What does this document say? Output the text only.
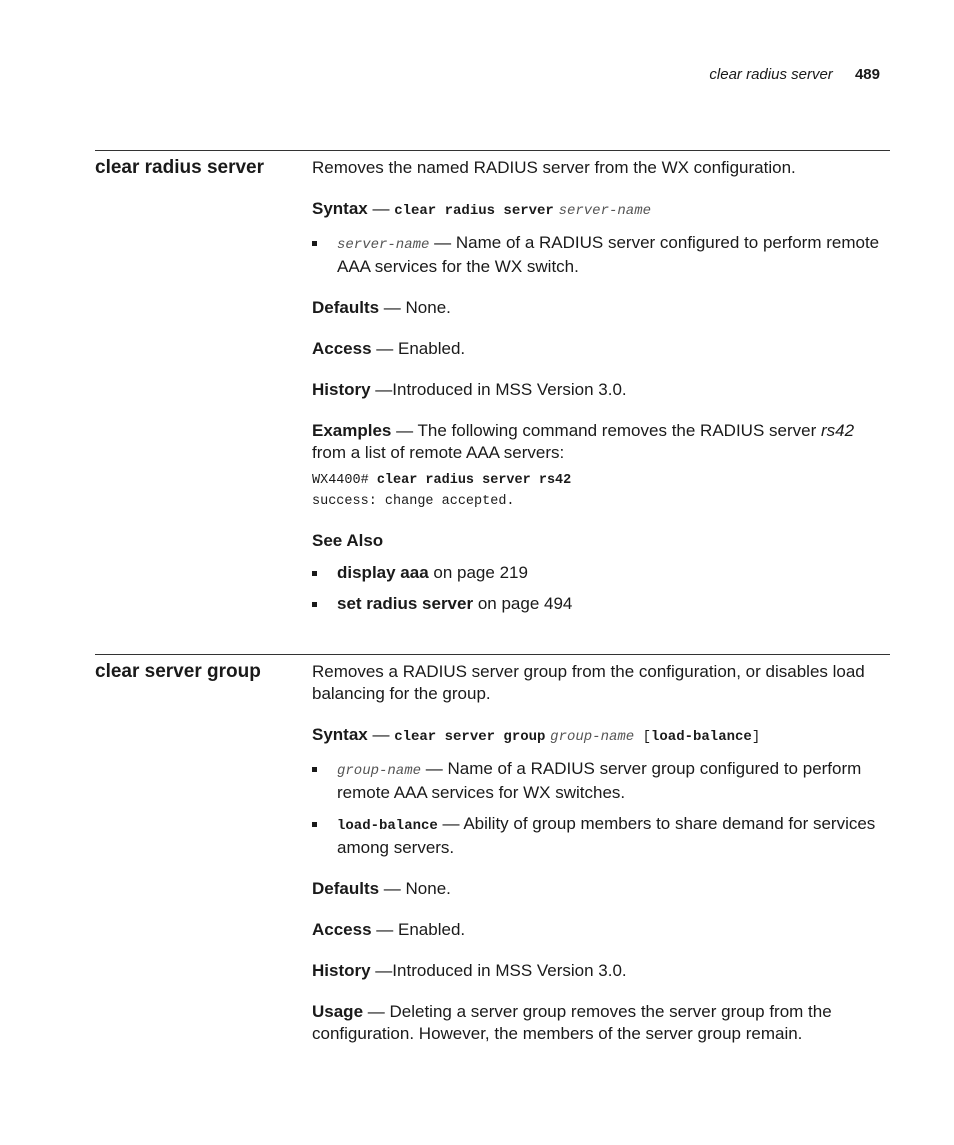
clear radius server 489
clear radius server	Removes the named RADIUS server from the WX configuration.

Syntax — clear radius server server-name

server-name — Name of a RADIUS server configured to perform remote AAA services for the WX switch.

Defaults — None.

Access — Enabled.

History —Introduced in MSS Version 3.0.

Examples — The following command removes the RADIUS server rs42 from a list of remote AAA servers:

WX4400# clear radius server rs42
success: change accepted.

See Also

display aaa on page 219
set radius server on page 494
clear server group	Removes a RADIUS server group from the configuration, or disables load balancing for the group.

Syntax — clear server group group-name [load-balance]

group-name — Name of a RADIUS server group configured to perform remote AAA services for WX switches.
load-balance — Ability of group members to share demand for services among servers.

Defaults — None.

Access — Enabled.

History —Introduced in MSS Version 3.0.

Usage — Deleting a server group removes the server group from the configuration. However, the members of the server group remain.
